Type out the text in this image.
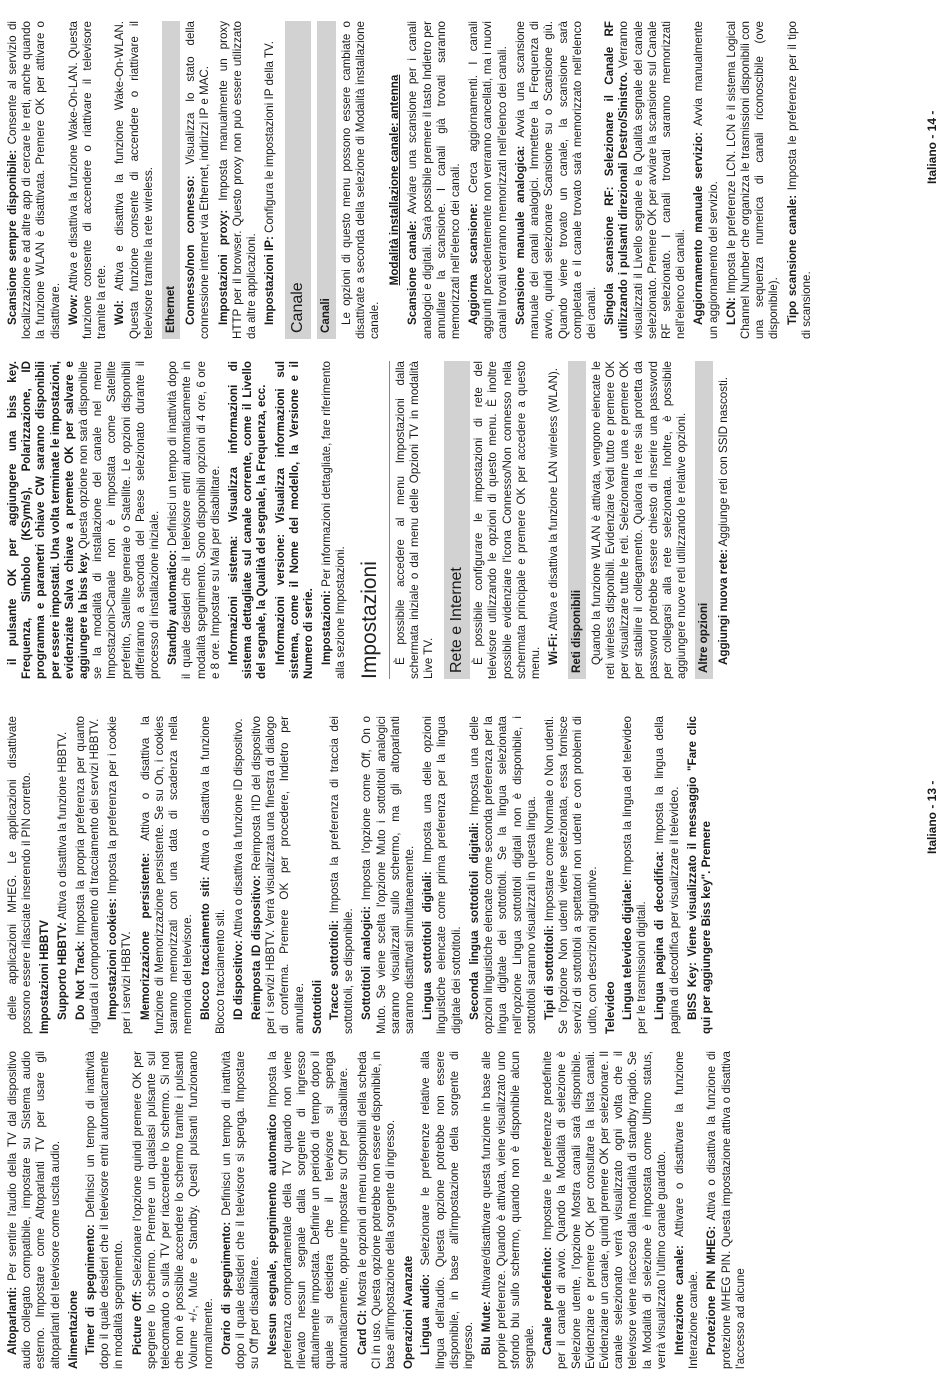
Altoparlanti: Per sentire l'audio della TV dal dispositivo audio collegato compatibile, impostare su Sistema audio esterno. Impostare come Altoparlanti TV per usare gli altoparlanti del televisore come uscita audio. Alimentazione Timer di spegnimento: Definisci un tempo di inattività dopo il quale desideri che il televisore entri automaticamente in modalità spegnimento. Picture Off: Selezionare l'opzione quindi premere OK per spegnere lo schermo. Premere un qualsiasi pulsante sul telecomando o sulla TV per riaccendere lo schermo. Si noti che non è possibile accendere lo schermo tramite i pulsanti Volume +/-, Mute e Standby. Questi pulsanti funzionano normalmente. Orario di spegnimento: Definisci un tempo di inattività dopo il quale desideri che il televisore si spenga. Impostare su Off per disabilitare. Nessun segnale, spegnimento automatico Imposta la preferenza comportamentale della TV quando non viene rilevato nessun segnale dalla sorgente di ingresso attualmente impostata. Definire un periodo di tempo dopo il quale si desidera che il televisore si spenga automaticamente, oppure impostare su Off per disabilitare. Card CI: Mostra le opzioni di menu disponibili della scheda CI in uso. Questa opzione potrebbe non essere disponibile, in base all'impostazione della sorgente di ingresso. Operazioni Avanzate Lingua audio: Selezionare le preferenze relative alla lingua dell'audio. Questa opzione potrebbe non essere disponibile, in base all'impostazione della sorgente di ingresso. Blu Mute: Attivare/disattivare questa funzione in base alle proprie preferenze. Quando è attivata, viene visualizzato uno sfondo blu sullo schermo, quando non è disponibile alcun segnale. Canale predefinito: Impostare le preferenze predefinite per il canale di avvio. Quando la Modalità di selezione è Selezione utente, l'opzione Mostra canali sarà disponibile. Evidenziare e premere OK per consultare la lista canali. Evidenziare un canale, quindi premere OK per selezionare. Il canale selezionato verrà visualizzato ogni volta che il televisore viene riacceso dalla modalità di standby rapido. Se la Modalità di selezione è impostata come Ultimo status, verrà visualizzato l'ultimo canale guardato. Interazione canale: Attivare o disattivare la funzione Interazione canale. Protezione PIN MHEG: Attiva o disattiva la funzione di protezione MHEG PIN. Questa impostazione attiva o disattiva l'accesso ad alcune

delle applicazioni MHEG. Le applicazioni disattivate possono essere rilasciate inserendo il PIN corretto. Impostazioni HBBTV Supporto HBBTV: Attiva o disattiva la funzione HBBTV.

Do Not Track: Imposta la propria preferenza per quanto riguarda il comportamento di tracciamento dei servizi HBBTV. Impostazioni cookies: Imposta la preferenza per i cookie per i servizi HBBTV. Memorizzazione persistente: Attiva o disattiva la funzione di Memorizzazione persistente. Se su On, i cookies saranno memorizzati con una data di scadenza nella memoria del televisore. Blocco tracciamento siti: Attiva o disattiva la funzione Blocco tracciamento siti. ID dispositivo: Attiva o disattiva la funzione ID dispositivo.

Reimposta ID dispositivo: Reimposta l'ID del dispositivo per i servizi HBBTV. Verrà visualizzata una finestra di dialogo di conferma. Premere OK per procedere, Indietro per annullare. Sottotitoli Tracce sottotitoli: Imposta la preferenza di traccia dei sottotitoli, se disponibile. Sottotitoli analogici: Imposta l'opzione come Off, On o Muto. Se viene scelta l'opzione Muto i sottotitoli analogici saranno visualizzati sullo schermo, ma gli altoparlanti saranno disattivati simultaneamente. Lingua sottotitoli digitali: Imposta una delle opzioni linguistiche elencate come prima preferenza per la lingua digitale dei sottotitoli. Seconda lingua sottotitoli digitali: Imposta una delle opzioni linguistiche elencate come seconda preferenza per la lingua digitale dei sottotitoli. Se la lingua selezionata nell'opzione Lingua sottotitoli digitali non è disponibile, i sottotitoli saranno visualizzati in questa lingua. Tipi di sottotitoli: Impostare come Normale o Non udenti. Se l'opzione Non udenti viene selezionata, essa fornisce servizi di sottotitoli a spettatori non udenti e con problemi di udito, con descrizioni aggiuntive. Televideo Lingua televideo digitale: Imposta la lingua del televideo per le trasmissioni digitali. Lingua pagina di decodifica: Imposta la lingua della pagina di decodifica per visualizzare il televideo. BISS Key: Viene visualizzato il messaggio "Fare clic qui per aggiungere Biss key". Premere

il pulsante OK per aggiungere una biss key. Frequenza, Simbolo (KSym/s), Polarizzazione, ID programma e parametri chiave CW saranno disponibili per essere impostati. Una volta terminate le impostazioni, evidenziate Salva chiave a premete OK per salvare e aggiungere la biss key. Questa opzione non sarà disponibile se la modalità di installazione del canale nel menu Impostazioni>Canale non è impostata come Satellite preferito, Satellite generale o Satellite. Le opzioni disponibili differiranno a seconda del Paese selezionato durante il processo di installazione iniziale. Standby automatico: Definisci un tempo di inattività dopo il quale desideri che il televisore entri automaticamente in modalità spegnimento. Sono disponibili opzioni di 4 ore, 6 ore e 8 ore. Impostare su Mai per disabilitare. Informazioni sistema: Visualizza informazioni di sistema dettagliate sul canale corrente, come il Livello del segnale, la Qualità del segnale, la Frequenza, ecc. Informazioni versione: Visualizza informazioni sul sistema, come il Nome del modello, la Versione e il Numero di serie. Impostazioni: Per informazioni dettagliate, fare riferimento alla sezione Impostazioni. Impostazioni È possibile accedere al menu Impostazioni dalla schermata iniziale o dal menu delle Opzioni TV in modalità Live TV. Rete e Internet È possibile configurare le impostazioni di rete del televisore utilizzando le opzioni di questo menu. È inoltre possibile evidenziare l'icona Connesso/Non connesso nella schermata principale e premere OK per accedere a questo menu. Wi-Fi: Attiva e disattiva la funzione LAN wireless (WLAN). Reti disponibili Quando la funzione WLAN è attivata, vengono elencate le reti wireless disponibili. Evidenziare Vedi tutto e premere OK per visualizzare tutte le reti. Selezionarne una e premere OK per stabilire il collegamento. Qualora la rete sia protetta da password potrebbe essere chiesto di inserire una password per collegarsi alla rete selezionata. Inoltre, è possibile aggiungere nuove reti utilizzando le relative opzioni. Altre opzioni Aggiungi nuova rete: Aggiunge reti con SSID nascosti.

Scansione sempre disponibile: Consente al servizio di localizzazione e ad altre app di cercare le reti, anche quando la funzione WLAN è disattivata. Premere OK per attivare o disattivare. Wow: Attiva e disattiva la funzione Wake-On-LAN. Questa funzione consente di accendere o riattivare il televisore tramite la rete. Wol: Attiva e disattiva la funzione Wake-On-WLAN. Questa funzione consente di accendere o riattivare il televisore tramite la rete wireless. Ethernet Connesso/non connesso: Visualizza lo stato della connessione internet via Ethernet, indirizzi IP e MAC. Impostazioni proxy: Imposta manualmente un proxy HTTP per il browser. Questo proxy non può essere utilizzato da altre applicazioni. Impostazioni IP: Configura le impostazioni IP della TV.

Canale	Canali Le opzioni di questo menu possono essere cambiate o disattivate a seconda della selezione di Modalità installazione canale.

Modalità installazione canale: antenna Scansione canale: Avviare una scansione per i canali analogici e digitali. Sarà possibile premere il tasto Indietro per annullare la scansione. I canali già trovati saranno memorizzati nell'elenco dei canali. Aggiorna scansione: Cerca aggiornamenti. I canali aggiunti precedentemente non verranno cancellati, ma i nuovi canali trovati verranno memorizzati nell'elenco dei canali. Scansione manuale analogica: Avvia una scansione manuale dei canali analogici. Immettere la Frequenza di avvio, quindi selezionare Scansione su o Scansione giù. Quando viene trovato un canale, la scansione sarà completata e il canale trovato sarà memorizzato nell'elenco dei canali. Singola scansione RF: Selezionare il Canale RF utilizzando i pulsanti direzionali Destro/Sinistro. Verranno visualizzati il Livello segnale e la Qualità segnale del canale selezionato. Premere OK per avviare la scansione sul Canale RF selezionato. I canali trovati saranno memorizzati nell'elenco dei canali. Aggiornamento manuale servizio: Avvia manualmente un aggiornamento del servizio. LCN: Imposta le preferenze LCN. LCN è il sistema Logical Channel Number che organizza le trasmissioni disponibili con una sequenza numerica di canali riconoscibile (ove disponibile). Tipo scansione canale: Imposta le preferenze per il tipo di scansione.

Italiano - 13 -
Italiano - 14 -
